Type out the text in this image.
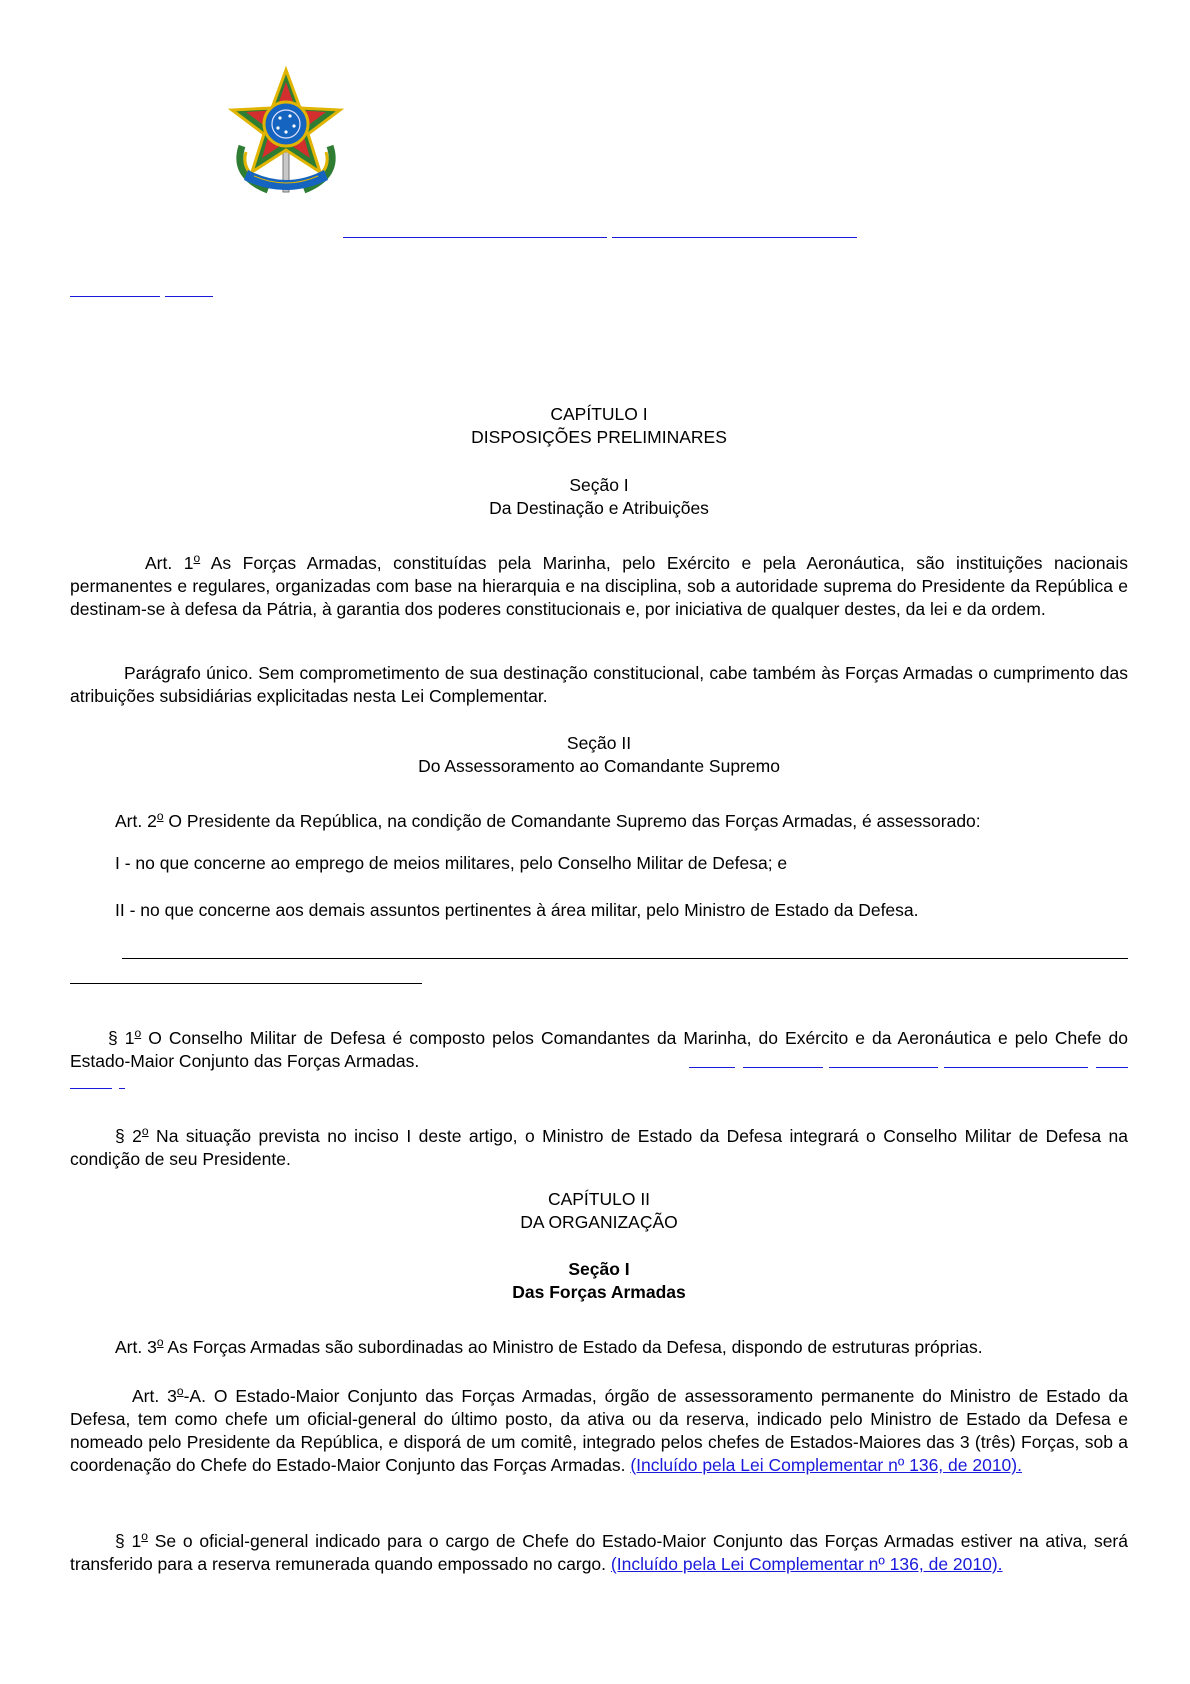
CAPÍTULO I
DISPOSIÇÕES PRELIMINARES
Seção I
Da Destinação e Atribuições
Art. 1$^o$ As Forças Armadas, constituídas pela Marinha, pelo Exército e pela Aeronáutica, são instituições nacionais permanentes e regulares, organizadas com base na hierarquia e na disciplina, sob a autoridade suprema do Presidente da República e destinam-se à defesa da Pátria, à garantia dos poderes constitucionais e, por iniciativa de qualquer destes, da lei e da ordem.
Parágrafo único. Sem comprometimento de sua destinação constitucional, cabe também às Forças Armadas o cumprimento das atribuições subsidiárias explicitadas nesta Lei Complementar.
Seção II
Do Assessoramento ao Comandante Supremo
Art. 2$^o$ O Presidente da República, na condição de Comandante Supremo das Forças Armadas, é assessorado:
I - no que concerne ao emprego de meios militares, pelo Conselho Militar de Defesa; e
II - no que concerne aos demais assuntos pertinentes à área militar, pelo Ministro de Estado da Defesa.
§ 1$^o$ O Conselho Militar de Defesa é composto pelos Comandantes da Marinha, do Exército e da Aeronáutica e pelo Chefe do Estado-Maior Conjunto das Forças Armadas.
§ 2$^o$ Na situação prevista no inciso I deste artigo, o Ministro de Estado da Defesa integrará o Conselho Militar de Defesa na condição de seu Presidente.
CAPÍTULO II
DA ORGANIZAÇÃO
Seção I
Das Forças Armadas
Art. 3$^o$ As Forças Armadas são subordinadas ao Ministro de Estado da Defesa, dispondo de estruturas próprias.
Art. 3$^o$-A. O Estado-Maior Conjunto das Forças Armadas, órgão de assessoramento permanente do Ministro de Estado da Defesa, tem como chefe um oficial-general do último posto, da ativa ou da reserva, indicado pelo Ministro de Estado da Defesa e nomeado pelo Presidente da República, e disporá de um comitê, integrado pelos chefes de Estados-Maiores das 3 (três) Forças, sob a coordenação do Chefe do Estado-Maior Conjunto das Forças Armadas. (Incluído pela Lei Complementar nº 136, de 2010).
§ 1$^o$ Se o oficial-general indicado para o cargo de Chefe do Estado-Maior Conjunto das Forças Armadas estiver na ativa, será transferido para a reserva remunerada quando empossado no cargo. (Incluído pela Lei Complementar nº 136, de 2010).
